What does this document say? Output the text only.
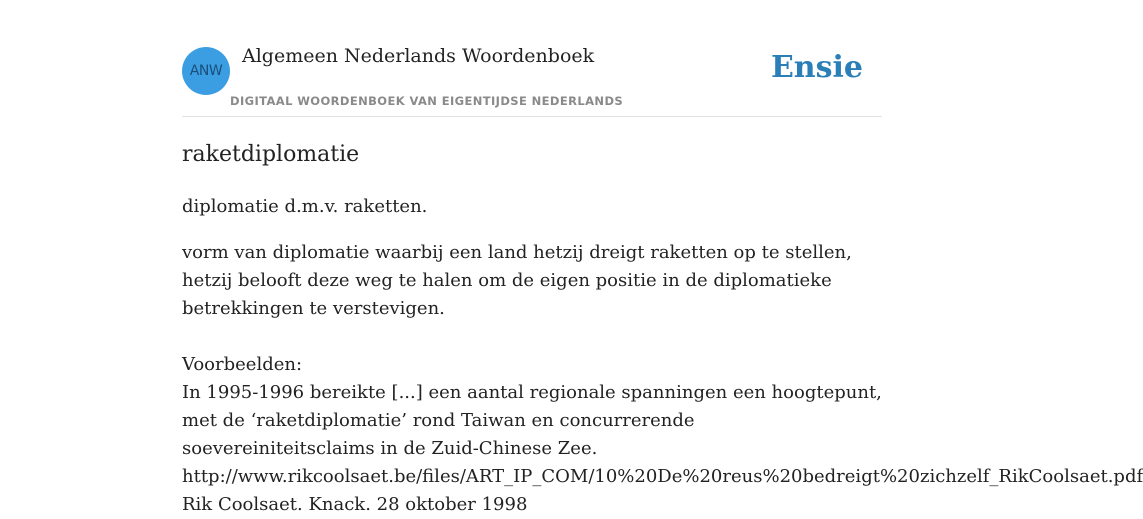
ANW
Algemeen Nederlands Woordenboek
DIGITAAL WOORDENBOEK VAN EIGENTIJDSE NEDERLANDS
Ensie
raketdiplomatie
diplomatie d.m.v. raketten.
vorm van diplomatie waarbij een land hetzij dreigt raketten op te stellen, hetzij belooft deze weg te halen om de eigen positie in de diplomatieke betrekkingen te verstevigen.
Voorbeelden:
In 1995-1996 bereikte [...] een aantal regionale spanningen een hoogtepunt, met de ‘raketdiplomatie’ rond Taiwan en concurrerende soevereiniteitsclaims in de Zuid-Chinese Zee.
http://www.rikcoolsaet.be/files/ART_IP_COM/10%20De%20reus%20bedreigt%20zichzelf_RikCoolsaet.pdf
Rik Coolsaet. Knack. 28 oktober 1998
